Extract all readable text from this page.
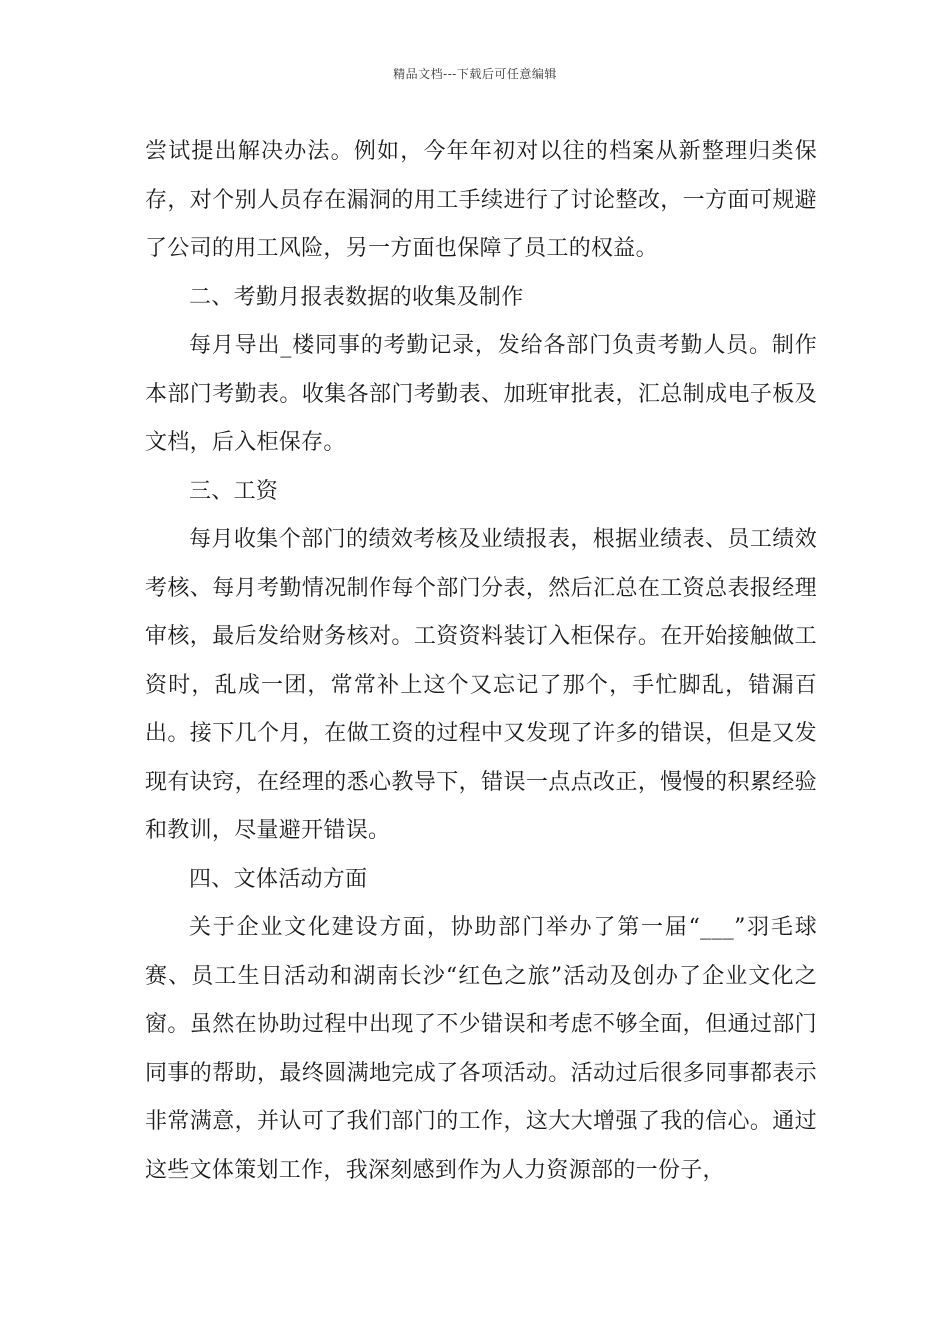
精品文档---下载后可任意编辑

尝试提出解决办法。例如，今年年初对以往的档案从新整理归类保存，对个别人员存在漏洞的用工手续进行了讨论整改，一方面可规避了公司的用工风险，另一方面也保障了员工的权益。

二、考勤月报表数据的收集及制作

每月导出_楼同事的考勤记录，发给各部门负责考勤人员。制作本部门考勤表。收集各部门考勤表、加班审批表，汇总制成电子板及文档，后入柜保存。

三、工资

每月收集个部门的绩效考核及业绩报表，根据业绩表、员工绩效考核、每月考勤情况制作每个部门分表，然后汇总在工资总表报经理审核，最后发给财务核对。工资资料装订入柜保存。在开始接触做工资时，乱成一团，常常补上这个又忘记了那个，手忙脚乱，错漏百出。接下几个月，在做工资的过程中又发现了许多的错误，但是又发现有诀窍，在经理的悉心教导下，错误一点点改正，慢慢的积累经验和教训，尽量避开错误。

四、文体活动方面

关于企业文化建设方面，协助部门举办了第一届“___”羽毛球赛、员工生日活动和湖南长沙“红色之旅”活动及创办了企业文化之窗。虽然在协助过程中出现了不少错误和考虑不够全面，但通过部门同事的帮助，最终圆满地完成了各项活动。活动过后很多同事都表示非常满意，并认可了我们部门的工作，这大大增强了我的信心。通过这些文体策划工作，我深刻感到作为人力资源部的一份子，
